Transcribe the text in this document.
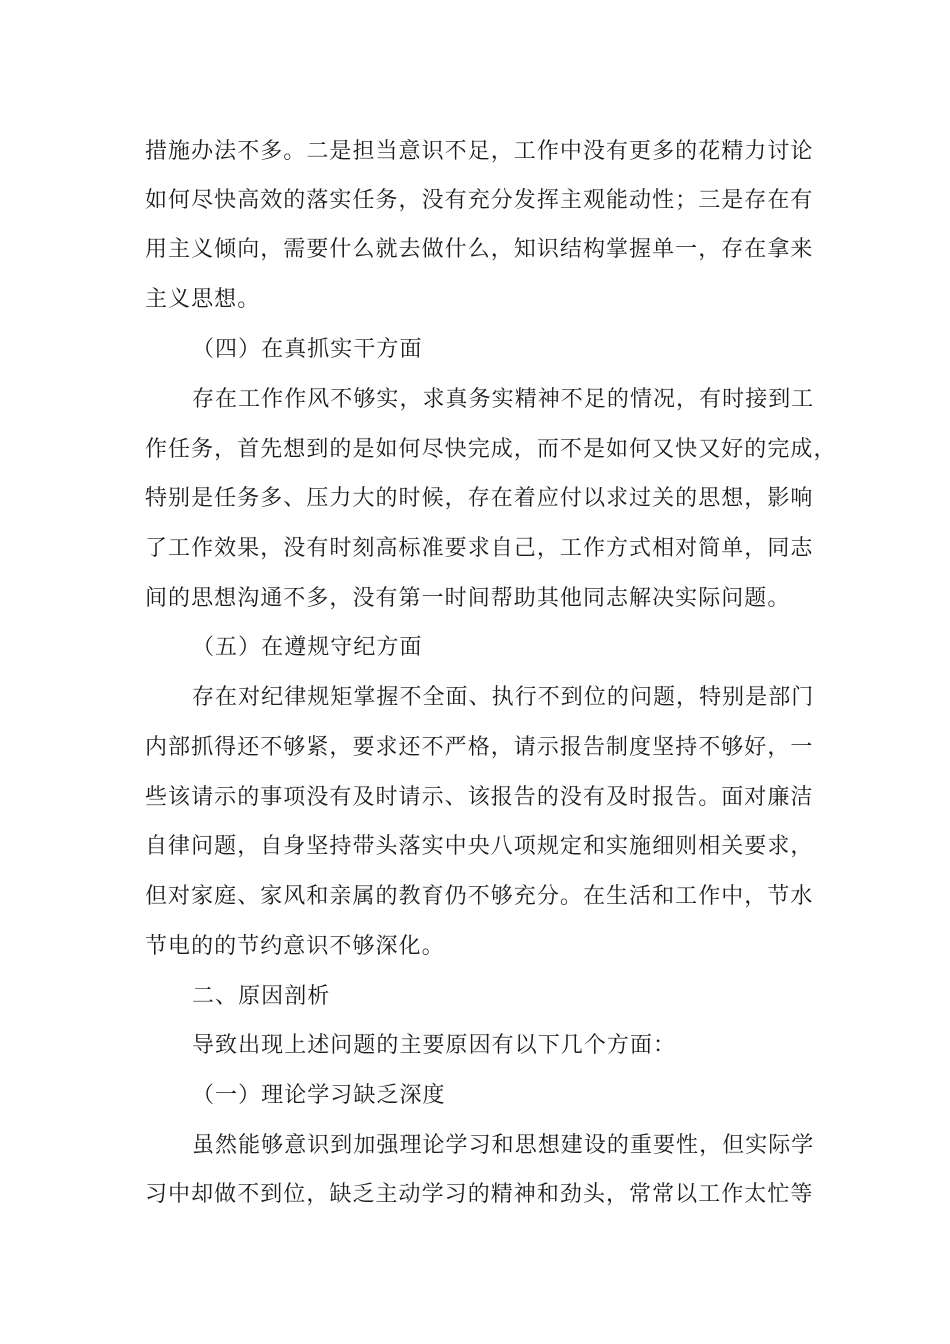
措施办法不多。二是担当意识不足，工作中没有更多的花精力讨论

如何尽快高效的落实任务，没有充分发挥主观能动性；三是存在有

用主义倾向，需要什么就去做什么，知识结构掌握单一，存在拿来

主义思想。

（四）在真抓实干方面

存在工作作风不够实，求真务实精神不足的情况，有时接到工

作任务，首先想到的是如何尽快完成，而不是如何又快又好的完成，

特别是任务多、压力大的时候，存在着应付以求过关的思想，影响

了工作效果，没有时刻高标准要求自己，工作方式相对简单，同志

间的思想沟通不多，没有第一时间帮助其他同志解决实际问题。

（五）在遵规守纪方面

存在对纪律规矩掌握不全面、执行不到位的问题，特别是部门

内部抓得还不够紧，要求还不严格，请示报告制度坚持不够好，一

些该请示的事项没有及时请示、该报告的没有及时报告。面对廉洁

自律问题，自身坚持带头落实中央八项规定和实施细则相关要求，

但对家庭、家风和亲属的教育仍不够充分。在生活和工作中，节水

节电的的节约意识不够深化。

二、原因剖析

导致出现上述问题的主要原因有以下几个方面：

（一）理论学习缺乏深度

虽然能够意识到加强理论学习和思想建设的重要性，但实际学

习中却做不到位，缺乏主动学习的精神和劲头，常常以工作太忙等
